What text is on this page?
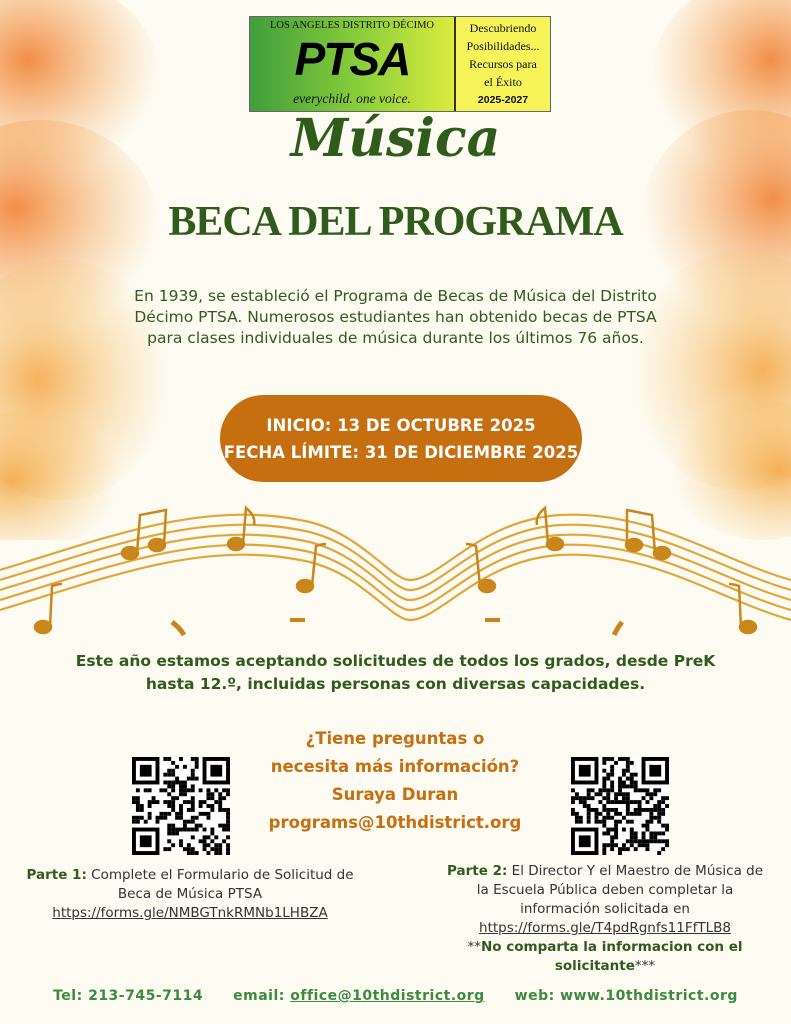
LOS ANGELES DISTRITO DÉCIMO
PTSA
everychild. one voice.
Descubriendo
Posibilidades...
Recursos para
el Éxito
2025-2027
Música
BECA DEL PROGRAMA
En 1939, se estableció el Programa de Becas de Música del Distrito Décimo PTSA. Numerosos estudiantes han obtenido becas de PTSA para clases individuales de música durante los últimos 76 años.
INICIO: 13 DE OCTUBRE 2025
FECHA LÍMITE: 31 DE DICIEMBRE 2025
Este año estamos aceptando solicitudes de todos los grados, desde PreK hasta 12.º, incluidas personas con diversas capacidades.
¿Tiene preguntas o
necesita más información?
Suraya Duran
programs@10thdistrict.org
Parte 1: Complete el Formulario de Solicitud de Beca de Música PTSA
https://forms.gle/NMBGTnkRMNb1LHBZA
Parte 2: El Director Y el Maestro de Música de la Escuela Pública deben completar la información solicitada en
https://forms.gle/T4pdRgnfs11FfTLB8
**No comparta la informacion con el solicitante***
Tel: 213-745-7114 email: office@10thdistrict.org web: www.10thdistrict.org
